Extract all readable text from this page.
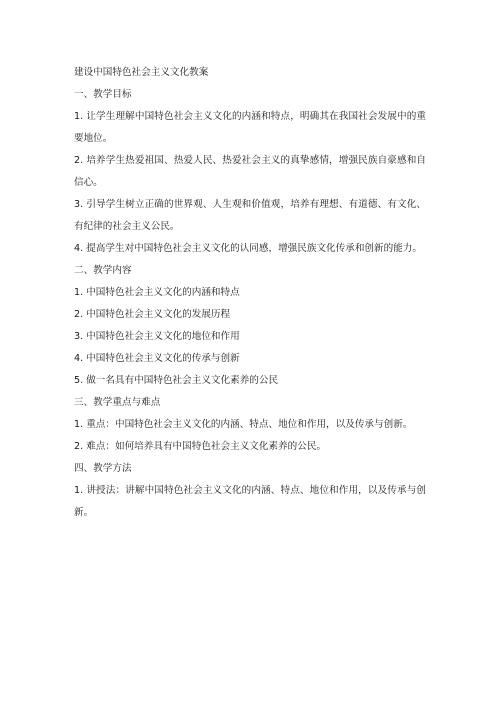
建设中国特色社会主义文化教案
一、教学目标
1. 让学生理解中国特色社会主义文化的内涵和特点，明确其在我国社会发展中的重要地位。
2. 培养学生热爱祖国、热爱人民、热爱社会主义的真挚感情，增强民族自豪感和自信心。
3. 引导学生树立正确的世界观、人生观和价值观，培养有理想、有道德、有文化、有纪律的社会主义公民。
4. 提高学生对中国特色社会主义文化的认同感，增强民族文化传承和创新的能力。
二、教学内容
1. 中国特色社会主义文化的内涵和特点
2. 中国特色社会主义文化的发展历程
3. 中国特色社会主义文化的地位和作用
4. 中国特色社会主义文化的传承与创新
5. 做一名具有中国特色社会主义文化素养的公民
三、教学重点与难点
1. 重点：中国特色社会主义文化的内涵、特点、地位和作用，以及传承与创新。
2. 难点：如何培养具有中国特色社会主义文化素养的公民。
四、教学方法
1. 讲授法：讲解中国特色社会主义文化的内涵、特点、地位和作用，以及传承与创新。
